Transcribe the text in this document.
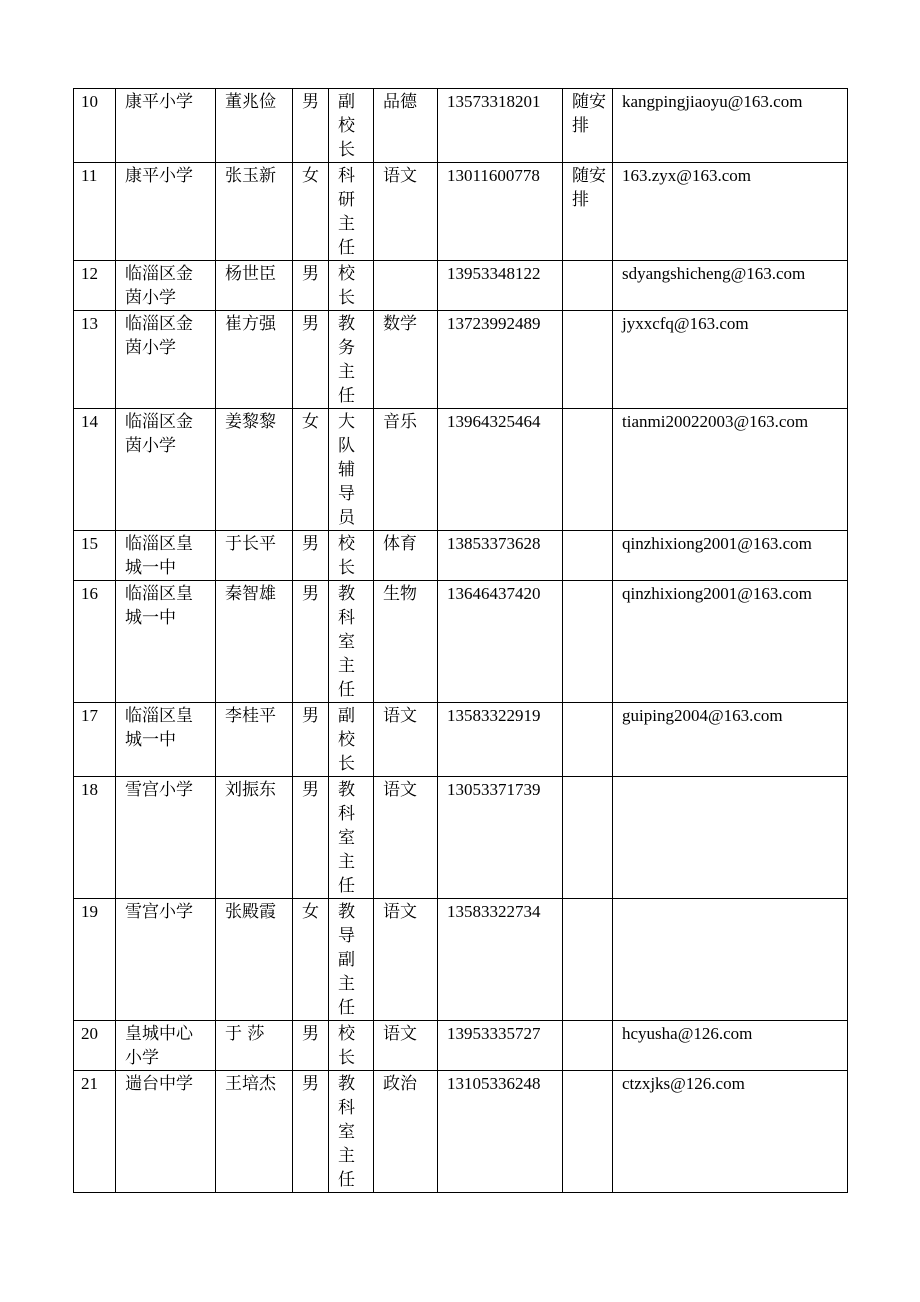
10	康平小学	董兆俭	男	副校长	品德	13573318201	随安排	kangpingjiaoyu@163.com
11	康平小学	张玉新	女	科研主任	语文	13011600778	随安排	163.zyx@163.com
12	临淄区金茵小学	杨世臣	男	校长		13953348122		sdyangshicheng@163.com
13	临淄区金茵小学	崔方强	男	教务主任	数学	13723992489		jyxxcfq@163.com
14	临淄区金茵小学	姜黎黎	女	大队辅导员	音乐	13964325464		tianmi20022003@163.com
15	临淄区皇城一中	于长平	男	校长	体育	13853373628		qinzhixiong2001@163.com
16	临淄区皇城一中	秦智雄	男	教科室主任	生物	13646437420		qinzhixiong2001@163.com
17	临淄区皇城一中	李桂平	男	副校长	语文	13583322919		guiping2004@163.com
18	雪宫小学	刘振东	男	教科室主任	语文	13053371739		
19	雪宫小学	张殿霞	女	教导副主任	语文	13583322734		
20	皇城中心小学	于 莎	男	校长	语文	13953335727		hcyusha@126.com
21	遄台中学	王培杰	男	教科室主任	政治	13105336248		ctzxjks@126.com
